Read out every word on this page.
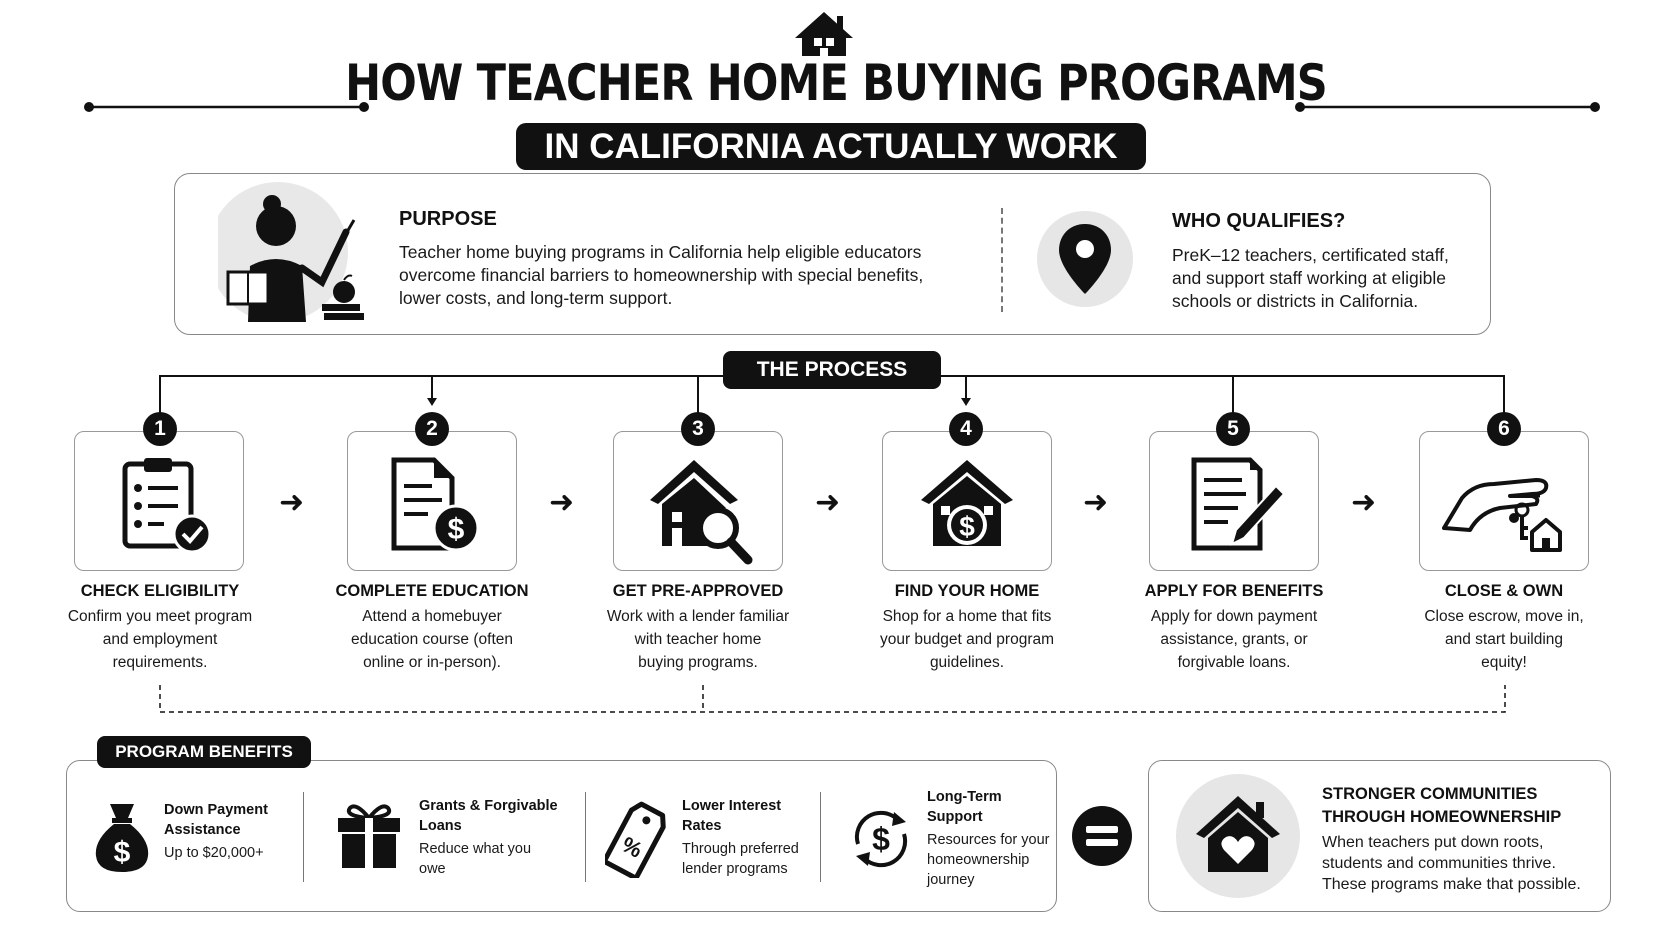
HOW TEACHER HOME BUYING PROGRAMS
IN CALIFORNIA ACTUALLY WORK
PURPOSE
Teacher home buying programs in California help eligible educators
overcome financial barriers to homeownership with special benefits,
lower costs, and long-term support.
WHO QUALIFIES?
PreK–12 teachers, certificated staff,
and support staff working at eligible
schools or districts in California.
THE PROCESS
1
CHECK ELIGIBILITY
Confirm you meet program
and employment
requirements.
➜
$
2
COMPLETE EDUCATION
Attend a homebuyer
education course (often
online or in-person).
➜
3
GET PRE-APPROVED
Work with a lender familiar
with teacher home
buying programs.
➜
$
4
FIND YOUR HOME
Shop for a home that fits
your budget and program
guidelines.
➜
5
APPLY FOR BENEFITS
Apply for down payment
assistance, grants, or
forgivable loans.
➜
6
CLOSE & OWN
Close escrow, move in,
and start building
equity!
PROGRAM BENEFITS
$
Down Payment
Assistance
Up to $20,000+
Grants & Forgivable
Loans
Reduce what you
owe
%
Lower Interest
Rates
Through preferred
lender programs
$
Long-Term
Support
Resources for your
homeownership
journey
STRONGER COMMUNITIES
THROUGH HOMEOWNERSHIP
When teachers put down roots,
students and communities thrive.
These programs make that possible.
